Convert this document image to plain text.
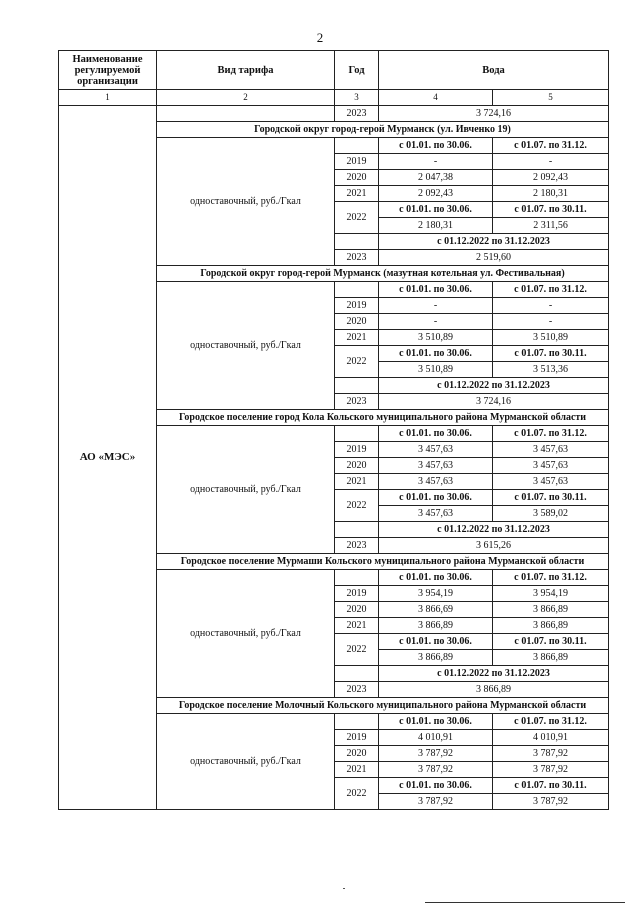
2
Наименование регулируемой организации	Вид тарифа	Год	Вода	
1	2	3	4	5
АО «МЭС»		2023	3 724,16	
	Городской округ город-герой Мурманск (ул. Ивченко 19)			
	одноставочный, руб./Гкал		с 01.01. по 30.06.	с 01.07. по 31.12.
		2019	-	-
		2020	2 047,38	2 092,43
		2021	2 092,43	2 180,31
		2022	с 01.01. по 30.06.	с 01.07. по 30.11.
			2 180,31	2 311,56
			с 01.12.2022 по 31.12.2023	
		2023	2 519,60	
	Городской округ город-герой Мурманск (мазутная котельная ул. Фестивальная)			
	одноставочный, руб./Гкал		с 01.01. по 30.06.	с 01.07. по 31.12.
		2019	-	-
		2020	-	-
		2021	3 510,89	3 510,89
		2022	с 01.01. по 30.06.	с 01.07. по 30.11.
			3 510,89	3 513,36
			с 01.12.2022 по 31.12.2023	
		2023	3 724,16	
	Городское поселение город Кола Кольского муниципального района Мурманской области			
	одноставочный, руб./Гкал		с 01.01. по 30.06.	с 01.07. по 31.12.
		2019	3 457,63	3 457,63
		2020	3 457,63	3 457,63
		2021	3 457,63	3 457,63
		2022	с 01.01. по 30.06.	с 01.07. по 30.11.
			3 457,63	3 589,02
			с 01.12.2022 по 31.12.2023	
		2023	3 615,26	
	Городское поселение Мурмаши Кольского муниципального района Мурманской области			
	одноставочный, руб./Гкал		с 01.01. по 30.06.	с 01.07. по 31.12.
		2019	3 954,19	3 954,19
		2020	3 866,69	3 866,89
		2021	3 866,89	3 866,89
		2022	с 01.01. по 30.06.	с 01.07. по 30.11.
			3 866,89	3 866,89
			с 01.12.2022 по 31.12.2023	
		2023	3 866,89	
	Городское поселение Молочный Кольского муниципального района Мурманской области			
	одноставочный, руб./Гкал		с 01.01. по 30.06.	с 01.07. по 31.12.
		2019	4 010,91	4 010,91
		2020	3 787,92	3 787,92
		2021	3 787,92	3 787,92
		2022	с 01.01. по 30.06.	с 01.07. по 30.11.
			3 787,92	3 787,92
